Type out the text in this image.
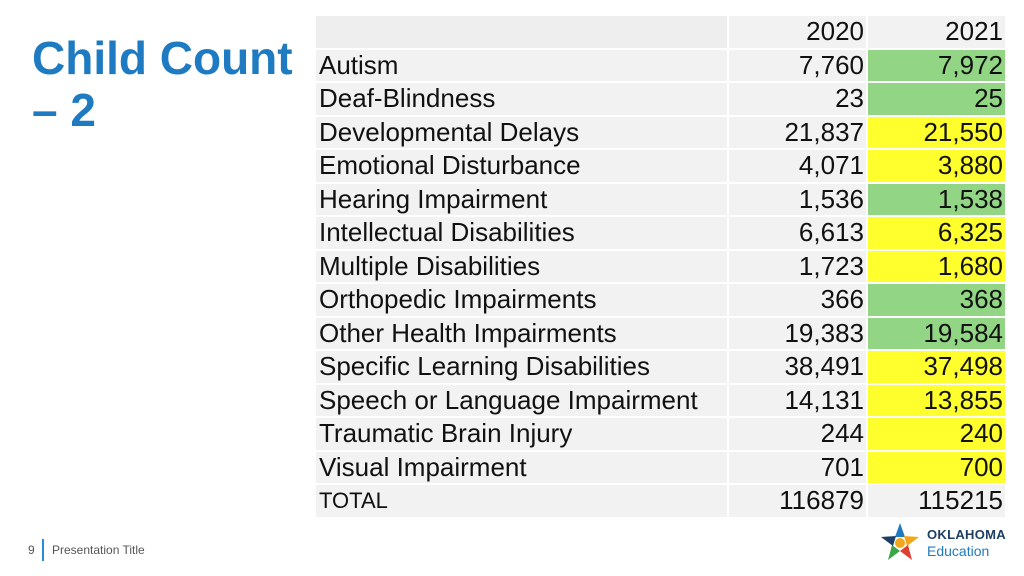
Child Count
– 2
	2020	2021
Autism	7,760	7,972
Deaf-Blindness	23	25
Developmental Delays	21,837	21,550
Emotional Disturbance	4,071	3,880
Hearing Impairment	1,536	1,538
Intellectual Disabilities	6,613	6,325
Multiple Disabilities	1,723	1,680
Orthopedic Impairments	366	368
Other Health Impairments	19,383	19,584
Specific Learning Disabilities	38,491	37,498
Speech or Language Impairment	14,131	13,855
Traumatic Brain Injury	244	240
Visual Impairment	701	700
TOTAL	116879	115215
9 Presentation Title
OKLAHOMA
Education
